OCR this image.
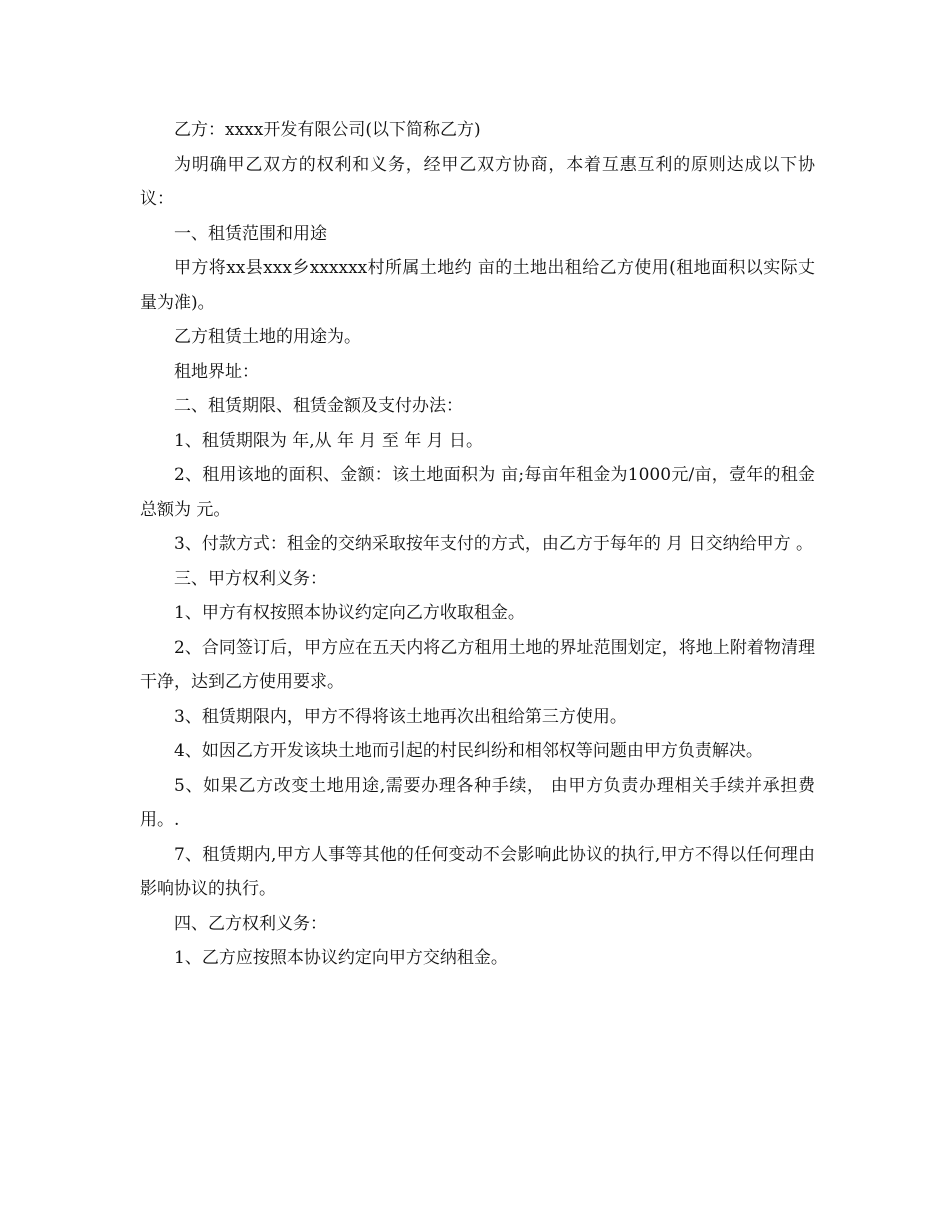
乙方：xxxx开发有限公司(以下简称乙方)

为明确甲乙双方的权利和义务，经甲乙双方协商，本着互惠互利的原则达成以下协议：

一、租赁范围和用途

甲方将xx县xxx乡xxxxxx村所属土地约 亩的土地出租给乙方使用(租地面积以实际丈量为准)。

乙方租赁土地的用途为。

租地界址：

二、租赁期限、租赁金额及支付办法：

1、租赁期限为 年,从 年 月 至 年 月 日。

2、租用该地的面积、金额：该土地面积为 亩;每亩年租金为1000元/亩，壹年的租金总额为 元。

3、付款方式：租金的交纳采取按年支付的方式，由乙方于每年的 月 日交纳给甲方 。

三、甲方权利义务：

1、甲方有权按照本协议约定向乙方收取租金。

2、合同签订后，甲方应在五天内将乙方租用土地的界址范围划定，将地上附着物清理干净，达到乙方使用要求。

3、租赁期限内，甲方不得将该土地再次出租给第三方使用。

4、如因乙方开发该块土地而引起的村民纠纷和相邻权等问题由甲方负责解决。

5、如果乙方改变土地用途,需要办理各种手续， 由甲方负责办理相关手续并承担费用。.

7、租赁期内,甲方人事等其他的任何变动不会影响此协议的执行,甲方不得以任何理由影响协议的执行。

四、乙方权利义务：

1、乙方应按照本协议约定向甲方交纳租金。
